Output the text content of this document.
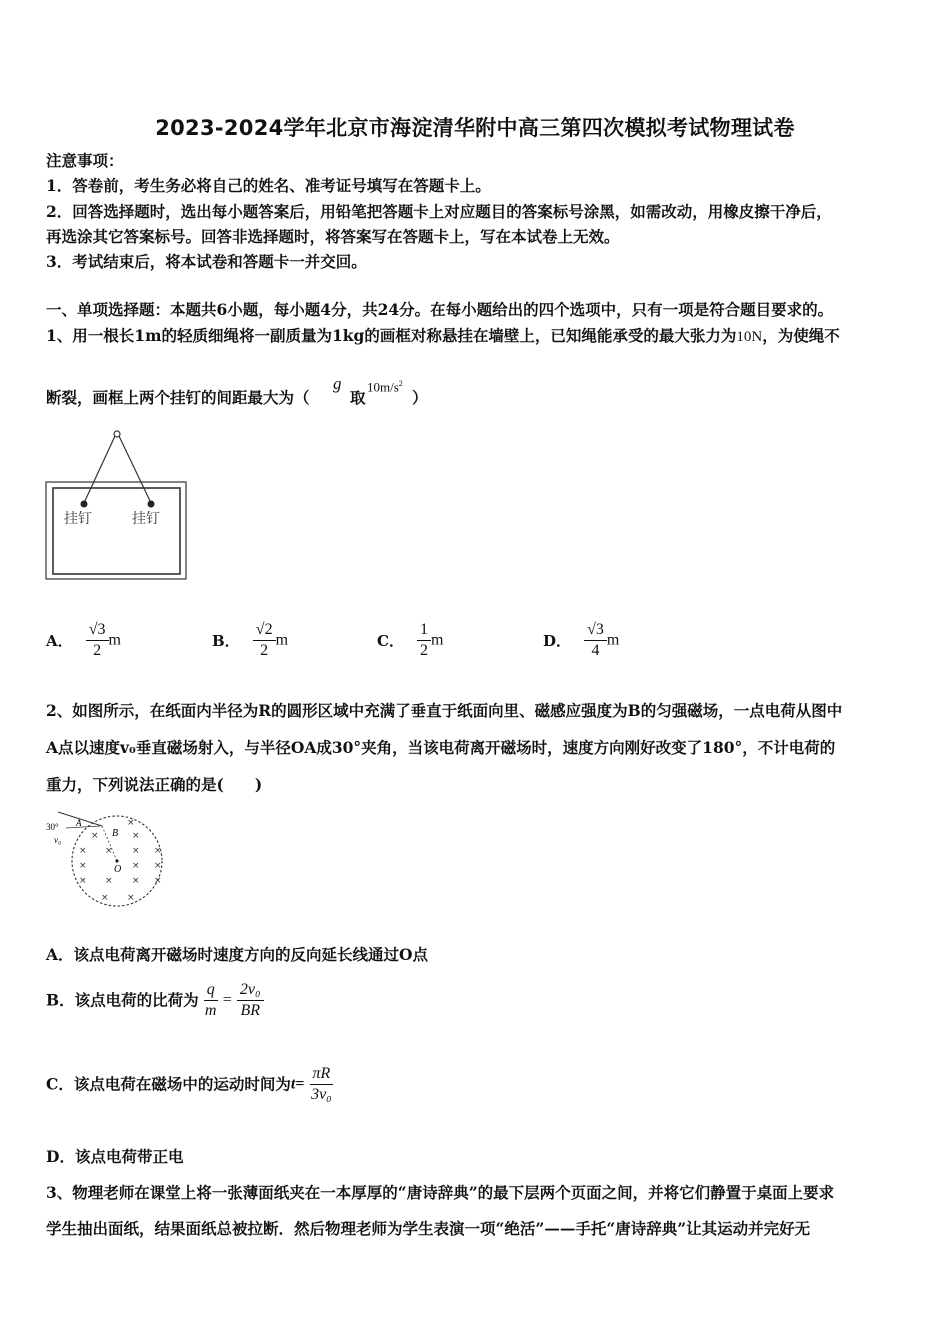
2023-2024学年北京市海淀清华附中高三第四次模拟考试物理试卷
注意事项：
1．答卷前，考生务必将自己的姓名、准考证号填写在答题卡上。
2．回答选择题时，选出每小题答案后，用铅笔把答题卡上对应题目的答案标号涂黑，如需改动，用橡皮擦干净后，
再选涂其它答案标号。回答非选择题时，将答案写在答题卡上，写在本试卷上无效。
3．考试结束后，将本试卷和答题卡一并交回。
一、单项选择题：本题共6小题，每小题4分，共24分。在每小题给出的四个选项中，只有一项是符合题目要求的。
1、用一根长1m的轻质细绳将一副质量为1kg的画框对称悬挂在墙壁上，已知绳能承受的最大张力为10N，为使绳不
断裂，画框上两个挂钉的间距最大为（
g
取
$10m/s^2$
）
挂钉	挂钉
A． $\frac{√3}{2}$ m	B． $\frac{√2}{2}$ m	C． $\frac{1}{2}$ m	D． $\frac{√3}{4}$ m
2、如图所示，在纸面内半径为R的圆形区域中充满了垂直于纸面向里、磁感应强度为B的匀强磁场，一点电荷从图中
A点以速度v₀垂直磁场射入，与半径OA成30°夹角，当该电荷离开磁场时，速度方向刚好改变了180°，不计电荷的
重力，下列说法正确的是(　　)
30° A
v₀
B
O
×
×	×
× × × ×
×	× ×
× × × ×
× ×
A．该点电荷离开磁场时速度方向的反向延长线通过O点
B．该点电荷的比荷为 $\frac{q}{m} = \frac{\text{2v₀}}{BR}$
C．该点电荷在磁场中的运动时间为$t= \frac{\pi R}{\text{3v₀}}$
D．该点电荷带正电
3、物理老师在课堂上将一张薄面纸夹在一本厚厚的“唐诗辞典”的最下层两个页面之间，并将它们静置于桌面上要求
学生抽出面纸，结果面纸总被拉断．然后物理老师为学生表演一项“绝活”——手托“唐诗辞典”让其运动并完好无
